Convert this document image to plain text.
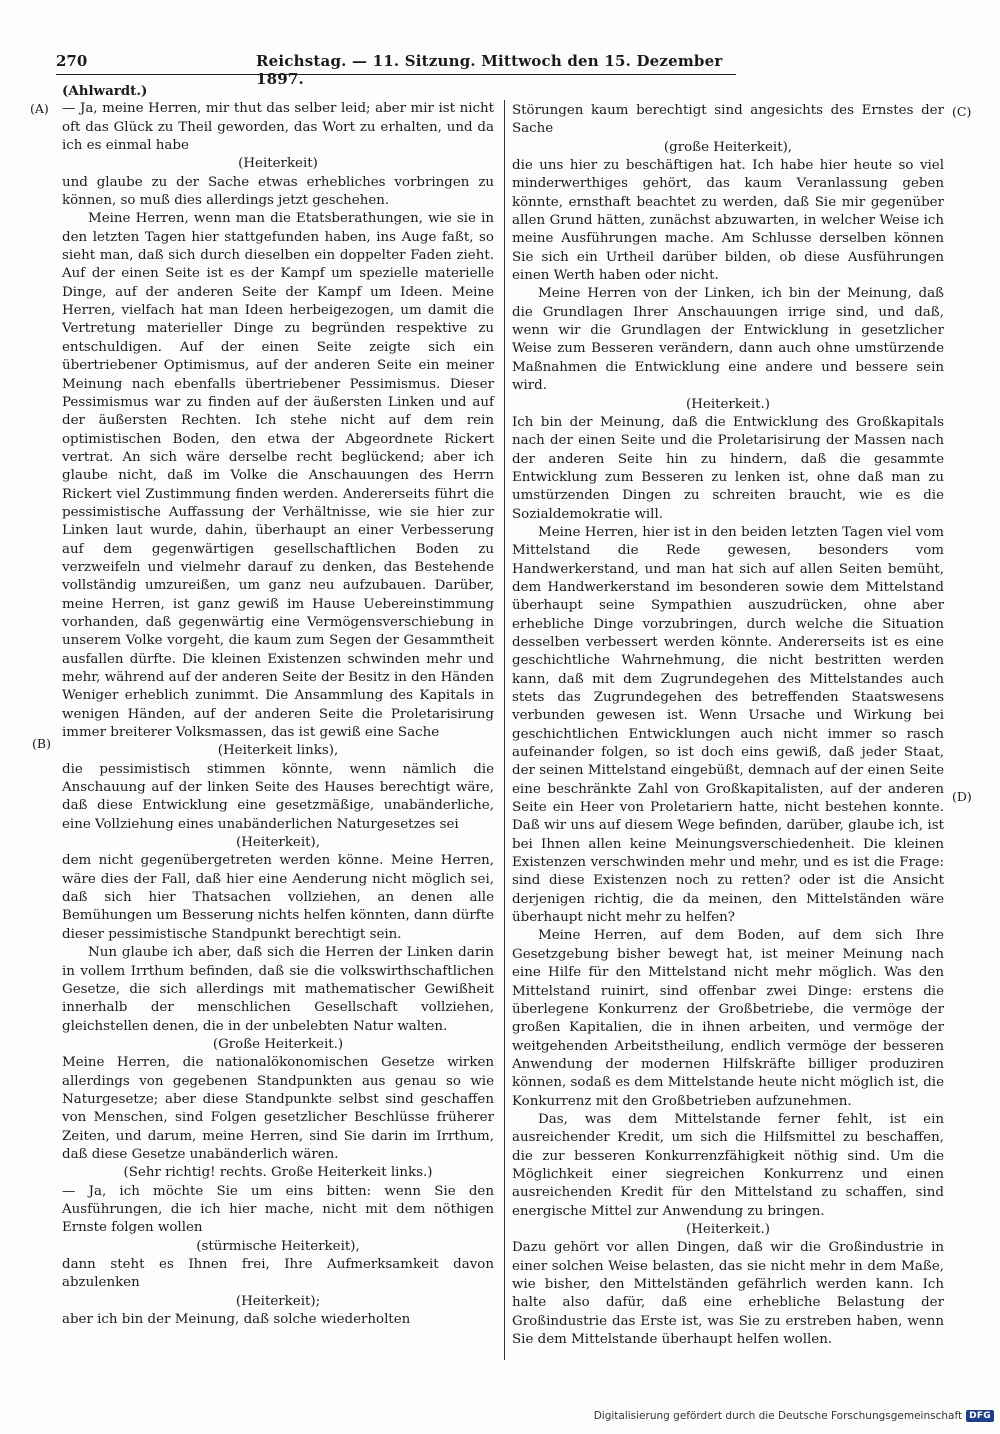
270	Reichstag. — 11. Sitzung. Mittwoch den 15. Dezember 1897.
(A)
(B)
(C)
(D)

(Ahlwardt.)

— Ja, meine Herren, mir thut das selber leid; aber mir ist nicht oft das Glück zu Theil geworden, das Wort zu erhalten, und da ich es einmal habe

(Heiterkeit)

und glaube zu der Sache etwas erhebliches vorbringen zu können, so muß dies allerdings jetzt geschehen.

Meine Herren, wenn man die Etatsberathungen, wie sie in den letzten Tagen hier stattgefunden haben, ins Auge faßt, so sieht man, daß sich durch dieselben ein doppelter Faden zieht. Auf der einen Seite ist es der Kampf um spezielle materielle Dinge, auf der anderen Seite der Kampf um Ideen. Meine Herren, vielfach hat man Ideen herbeigezogen, um damit die Vertretung materieller Dinge zu begründen respektive zu entschuldigen. Auf der einen Seite zeigte sich ein übertriebener Optimismus, auf der anderen Seite ein meiner Meinung nach ebenfalls übertriebener Pessimismus. Dieser Pessimismus war zu finden auf der äußersten Linken und auf der äußersten Rechten. Ich stehe nicht auf dem rein optimistischen Boden, den etwa der Abgeordnete Rickert vertrat. An sich wäre derselbe recht beglückend; aber ich glaube nicht, daß im Volke die Anschauungen des Herrn Rickert viel Zustimmung finden werden. Andererseits führt die pessimistische Auffassung der Verhältnisse, wie sie hier zur Linken laut wurde, dahin, überhaupt an einer Verbesserung auf dem gegenwärtigen gesellschaftlichen Boden zu verzweifeln und vielmehr darauf zu denken, das Bestehende vollständig umzureißen, um ganz neu aufzubauen. Darüber, meine Herren, ist ganz gewiß im Hause Uebereinstimmung vorhanden, daß gegenwärtig eine Vermögensverschiebung in unserem Volke vorgeht, die kaum zum Segen der Gesammtheit ausfallen dürfte. Die kleinen Existenzen schwinden mehr und mehr, während auf der anderen Seite der Besitz in den Händen Weniger erheblich zunimmt. Die Ansammlung des Kapitals in wenigen Händen, auf der anderen Seite die Proletarisirung immer breiterer Volksmassen, das ist gewiß eine Sache

(Heiterkeit links),

die pessimistisch stimmen könnte, wenn nämlich die Anschauung auf der linken Seite des Hauses berechtigt wäre, daß diese Entwicklung eine gesetzmäßige, unabänderliche, eine Vollziehung eines unabänderlichen Naturgesetzes sei

(Heiterkeit),

dem nicht gegenübergetreten werden könne. Meine Herren, wäre dies der Fall, daß hier eine Aenderung nicht möglich sei, daß sich hier Thatsachen vollziehen, an denen alle Bemühungen um Besserung nichts helfen könnten, dann dürfte dieser pessimistische Standpunkt berechtigt sein.

Nun glaube ich aber, daß sich die Herren der Linken darin in vollem Irrthum befinden, daß sie die volkswirthschaftlichen Gesetze, die sich allerdings mit mathematischer Gewißheit innerhalb der menschlichen Gesellschaft vollziehen, gleichstellen denen, die in der unbelebten Natur walten.

(Große Heiterkeit.)

Meine Herren, die nationalökonomischen Gesetze wirken allerdings von gegebenen Standpunkten aus genau so wie Naturgesetze; aber diese Standpunkte selbst sind geschaffen von Menschen, sind Folgen gesetzlicher Beschlüsse früherer Zeiten, und darum, meine Herren, sind Sie darin im Irrthum, daß diese Gesetze unabänderlich wären.

(Sehr richtig! rechts. Große Heiterkeit links.)

— Ja, ich möchte Sie um eins bitten: wenn Sie den Ausführungen, die ich hier mache, nicht mit dem nöthigen Ernste folgen wollen

(stürmische Heiterkeit),

dann steht es Ihnen frei, Ihre Aufmerksamkeit davon abzulenken

(Heiterkeit);

aber ich bin der Meinung, daß solche wiederholten

Störungen kaum berechtigt sind angesichts des Ernstes der Sache

(große Heiterkeit),

die uns hier zu beschäftigen hat. Ich habe hier heute so viel minderwerthiges gehört, das kaum Veranlassung geben könnte, ernsthaft beachtet zu werden, daß Sie mir gegenüber allen Grund hätten, zunächst abzuwarten, in welcher Weise ich meine Ausführungen mache. Am Schlusse derselben können Sie sich ein Urtheil darüber bilden, ob diese Ausführungen einen Werth haben oder nicht.

Meine Herren von der Linken, ich bin der Meinung, daß die Grundlagen Ihrer Anschauungen irrige sind, und daß, wenn wir die Grundlagen der Entwicklung in gesetzlicher Weise zum Besseren verändern, dann auch ohne umstürzende Maßnahmen die Entwicklung eine andere und bessere sein wird.

(Heiterkeit.)

Ich bin der Meinung, daß die Entwicklung des Großkapitals nach der einen Seite und die Proletarisirung der Massen nach der anderen Seite hin zu hindern, daß die gesammte Entwicklung zum Besseren zu lenken ist, ohne daß man zu umstürzenden Dingen zu schreiten braucht, wie es die Sozialdemokratie will.

Meine Herren, hier ist in den beiden letzten Tagen viel vom Mittelstand die Rede gewesen, besonders vom Handwerkerstand, und man hat sich auf allen Seiten bemüht, dem Handwerkerstand im besonderen sowie dem Mittelstand überhaupt seine Sympathien auszudrücken, ohne aber erhebliche Dinge vorzubringen, durch welche die Situation desselben verbessert werden könnte. Andererseits ist es eine geschichtliche Wahrnehmung, die nicht bestritten werden kann, daß mit dem Zugrundegehen des Mittelstandes auch stets das Zugrundegehen des betreffenden Staatswesens verbunden gewesen ist. Wenn Ursache und Wirkung bei geschichtlichen Entwicklungen auch nicht immer so rasch aufeinander folgen, so ist doch eins gewiß, daß jeder Staat, der seinen Mittelstand eingebüßt, demnach auf der einen Seite eine beschränkte Zahl von Großkapitalisten, auf der anderen Seite ein Heer von Proletariern hatte, nicht bestehen konnte. Daß wir uns auf diesem Wege befinden, darüber, glaube ich, ist bei Ihnen allen keine Meinungsverschiedenheit. Die kleinen Existenzen verschwinden mehr und mehr, und es ist die Frage: sind diese Existenzen noch zu retten? oder ist die Ansicht derjenigen richtig, die da meinen, den Mittelständen wäre überhaupt nicht mehr zu helfen?

Meine Herren, auf dem Boden, auf dem sich Ihre Gesetzgebung bisher bewegt hat, ist meiner Meinung nach eine Hilfe für den Mittelstand nicht mehr möglich. Was den Mittelstand ruinirt, sind offenbar zwei Dinge: erstens die überlegene Konkurrenz der Großbetriebe, die vermöge der großen Kapitalien, die in ihnen arbeiten, und vermöge der weitgehenden Arbeitstheilung, endlich vermöge der besseren Anwendung der modernen Hilfskräfte billiger produziren können, sodaß es dem Mittelstande heute nicht möglich ist, die Konkurrenz mit den Großbetrieben aufzunehmen.

Das, was dem Mittelstande ferner fehlt, ist ein ausreichender Kredit, um sich die Hilfsmittel zu beschaffen, die zur besseren Konkurrenzfähigkeit nöthig sind. Um die Möglichkeit einer siegreichen Konkurrenz und einen ausreichenden Kredit für den Mittelstand zu schaffen, sind energische Mittel zur Anwendung zu bringen.

(Heiterkeit.)

Dazu gehört vor allen Dingen, daß wir die Großindustrie in einer solchen Weise belasten, das sie nicht mehr in dem Maße, wie bisher, den Mittelständen gefährlich werden kann. Ich halte also dafür, daß eine erhebliche Belastung der Großindustrie das Erste ist, was Sie zu erstreben haben, wenn Sie dem Mittelstande überhaupt helfen wollen.

Digitalisierung gefördert durch die Deutsche Forschungsgemeinschaft DFG
